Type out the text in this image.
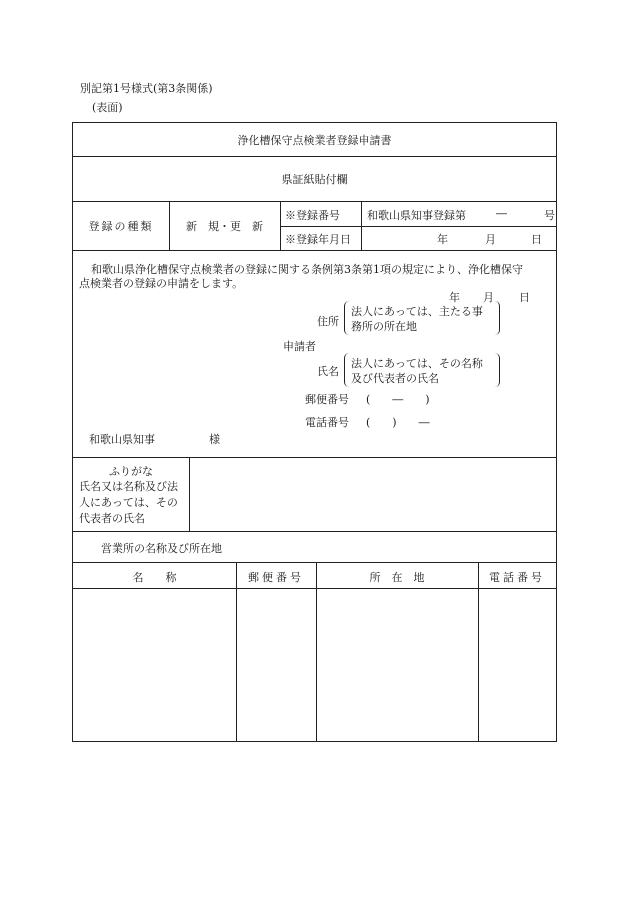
別記第1号様式(第3条関係)
(表面)
浄化槽保守点検業者登録申請書
県証紙貼付欄
登録の種類	新　規・更　新
※登録番号 和歌山県知事登録第	―	号
※登録年月日	年	月	日
和歌山県浄化槽保守点検業者の登録に関する条例第3条第1項の規定により、浄化槽保守
点検業者の登録の申請をします。
年 月 日
住所
法人にあっては、主たる事
務所の所在地
申請者
氏名
法人にあっては、その名称
及び代表者の氏名
郵便番号 (　　―　　)
電話番号 (　　)　　―
和歌山県知事	様
ふりがな
氏名又は名称及び法
人にあっては、その
代表者の氏名
営業所の名称及び所在地
名　　称	郵便番号	所　在　地	電話番号
